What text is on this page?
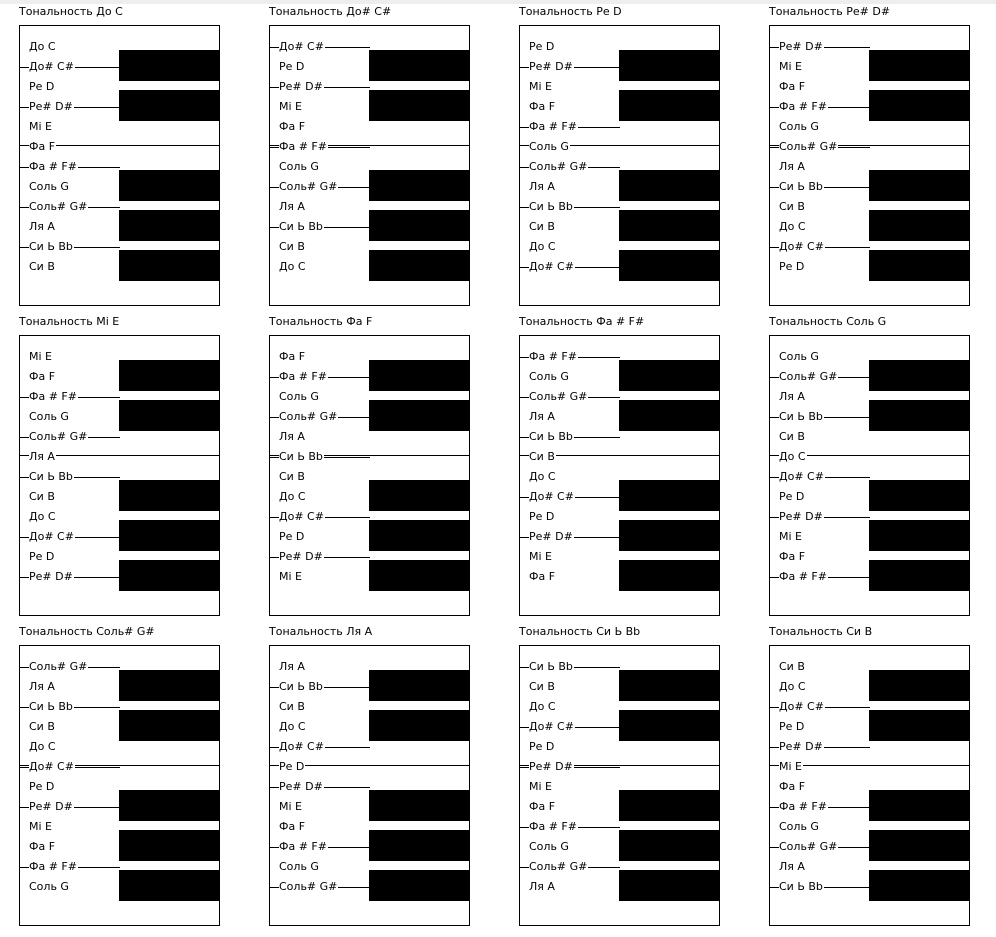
Тональность До C
До C
До# C#
Ре D
Ре# D#
Mi E
Фа F
Фа # F#
Соль G
Соль# G#
Ля A
Си Ь Bb
Си B
Тональность До# C#
До# C#
Ре D
Ре# D#
Mi E
Фа F
Фа # F#
Соль G
Соль# G#
Ля A
Си Ь Bb
Си B
До C
Тональность Ре D
Ре D
Ре# D#
Mi E
Фа F
Фа # F#
Соль G
Соль# G#
Ля A
Си Ь Bb
Си B
До C
До# C#
Тональность Ре# D#
Ре# D#
Mi E
Фа F
Фа # F#
Соль G
Соль# G#
Ля A
Си Ь Bb
Си B
До C
До# C#
Ре D
Тональность Mi E
Mi E
Фа F
Фа # F#
Соль G
Соль# G#
Ля A
Си Ь Bb
Си B
До C
До# C#
Ре D
Ре# D#
Тональность Фа F
Фа F
Фа # F#
Соль G
Соль# G#
Ля A
Си Ь Bb
Си B
До C
До# C#
Ре D
Ре# D#
Mi E
Тональность Фа # F#
Фа # F#
Соль G
Соль# G#
Ля A
Си Ь Bb
Си B
До C
До# C#
Ре D
Ре# D#
Mi E
Фа F
Тональность Соль G
Соль G
Соль# G#
Ля A
Си Ь Bb
Си B
До C
До# C#
Ре D
Ре# D#
Mi E
Фа F
Фа # F#
Тональность Соль# G#
Соль# G#
Ля A
Си Ь Bb
Си B
До C
До# C#
Ре D
Ре# D#
Mi E
Фа F
Фа # F#
Соль G
Тональность Ля A
Ля A
Си Ь Bb
Си B
До C
До# C#
Ре D
Ре# D#
Mi E
Фа F
Фа # F#
Соль G
Соль# G#
Тональность Си Ь Bb
Си Ь Bb
Си B
До C
До# C#
Ре D
Ре# D#
Mi E
Фа F
Фа # F#
Соль G
Соль# G#
Ля A
Тональность Си B
Си B
До C
До# C#
Ре D
Ре# D#
Mi E
Фа F
Фа # F#
Соль G
Соль# G#
Ля A
Си Ь Bb
